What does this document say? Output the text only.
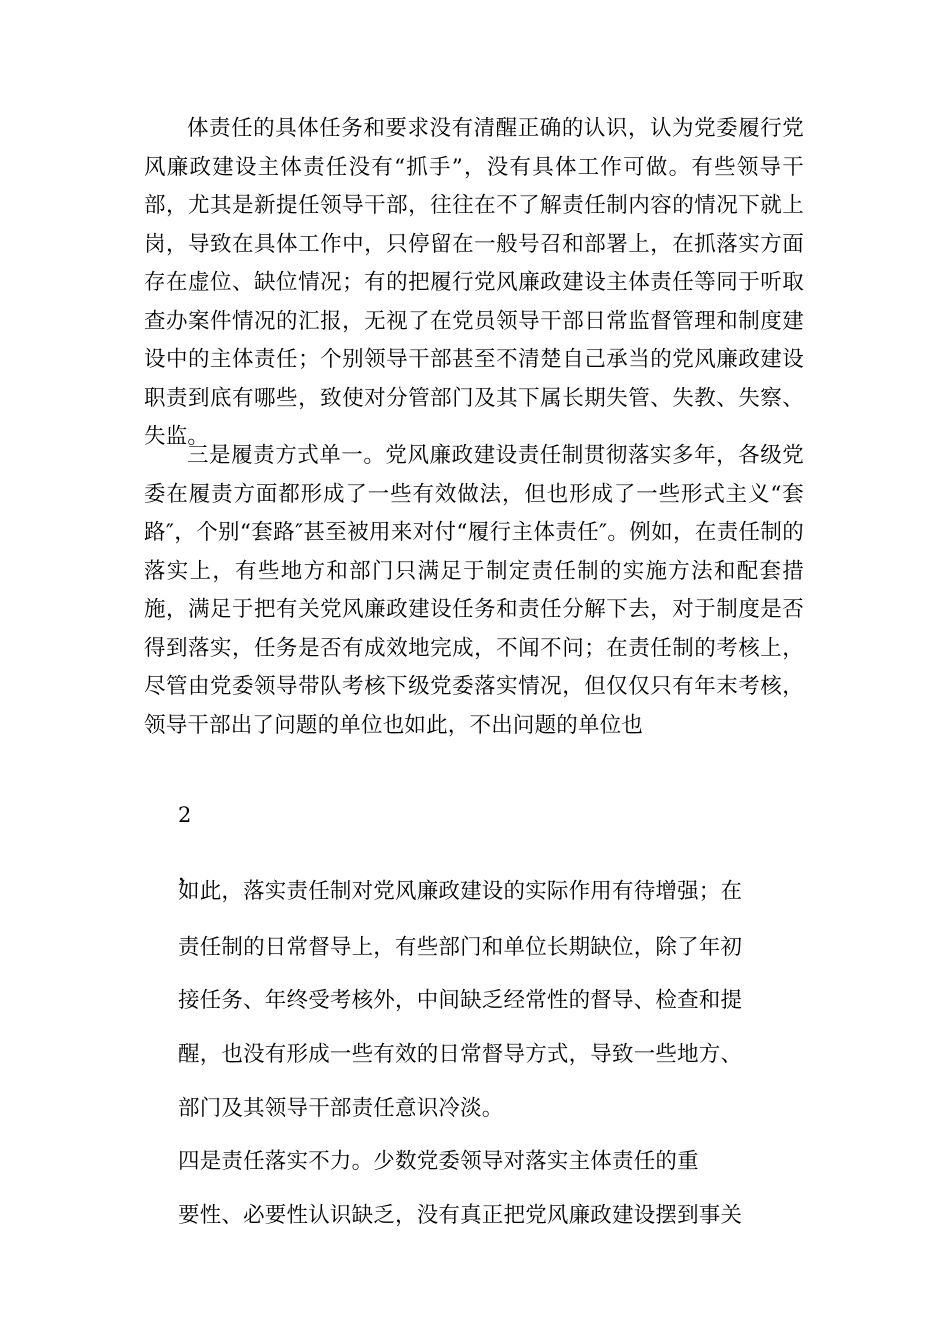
体责任的具体任务和要求没有清醒正确的认识，认为党委履行党风廉政建设主体责任没有“抓手”，没有具体工作可做。有些领导干部，尤其是新提任领导干部，往往在不了解责任制内容的情况下就上岗，导致在具体工作中，只停留在一般号召和部署上，在抓落实方面存在虚位、缺位情况；有的把履行党风廉政建设主体责任等同于听取查办案件情况的汇报，无视了在党员领导干部日常监督管理和制度建设中的主体责任；个别领导干部甚至不清楚自己承当的党风廉政建设职责到底有哪些，致使对分管部门及其下属长期失管、失教、失察、失监。

三是履责方式单一。党风廉政建设责任制贯彻落实多年，各级党委在履责方面都形成了一些有效做法，但也形成了一些形式主义“套路″，个别“套路″甚至被用来对付“履行主体责任″。例如，在责任制的落实上，有些地方和部门只满足于制定责任制的实施方法和配套措施，满足于把有关党风廉政建设任务和责任分解下去，对于制度是否得到落实，任务是否有成效地完成，不闻不问；在责任制的考核上，尽管由党委领导带队考核下级党委落实情况，但仅仅只有年末考核，领导干部出了问题的单位也如此，不出问题的单位也

2
，
如此，落实责任制对党风廉政建设的实际作用有待增强；在
责任制的日常督导上，有些部门和单位长期缺位，除了年初
接任务、年终受考核外，中间缺乏经常性的督导、检查和提
醒，也没有形成一些有效的日常督导方式，导致一些地方、
部门及其领导干部责任意识冷淡。
四是责任落实不力。少数党委领导对落实主体责任的重
要性、必要性认识缺乏，没有真正把党风廉政建设摆到事关
